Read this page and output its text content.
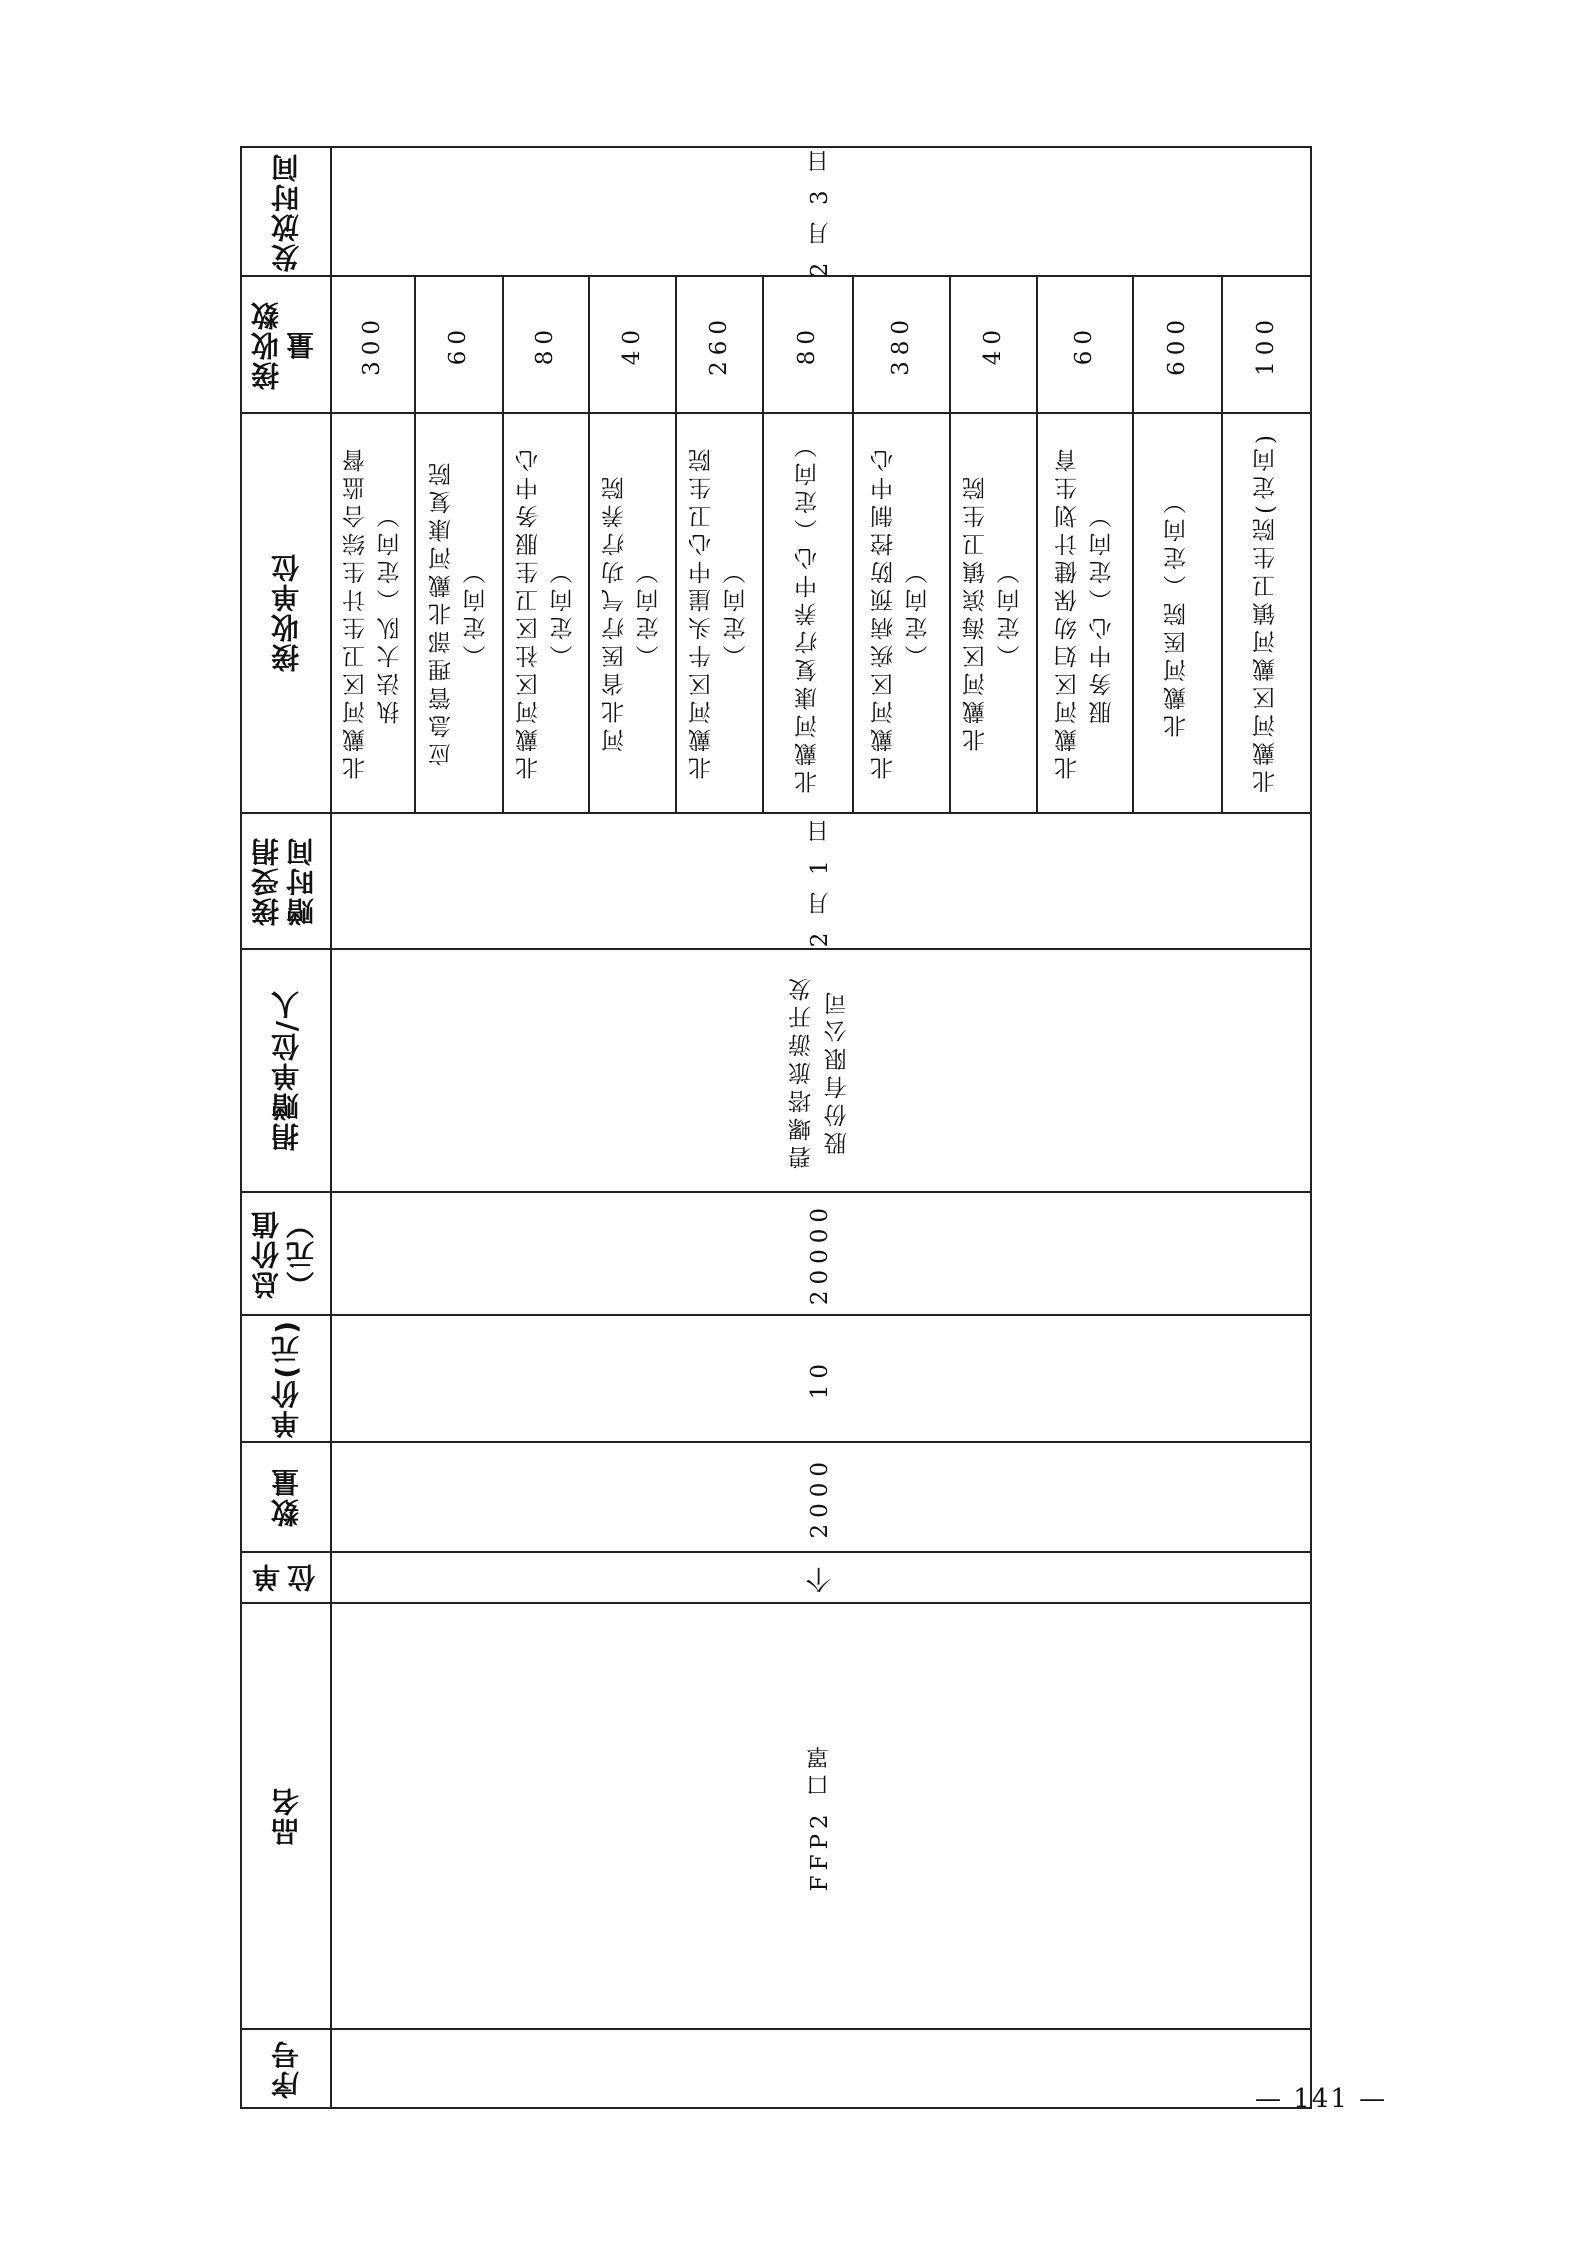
发放时间
接收数量
接收单位
接受捐赠时间
捐赠单位/人
总价值（元）
单价(元)
数量
单位
品名
序号
2 月 3 日
2 月 1 日
碧螺塔旅游开发 股份有限公司
20000
10
2000
个
FFP2 口罩
北戴河区卫生计生综合监督 执法大队（定向）
300
应急管理部北戴河康复院 （定向）
60
北戴河区社区卫生服务中心 （定向）
80
河北省医疗气功疗养院 （定向）
40
北戴河区牛头崖中心卫生院 （定向）
260
北戴河康复疗养中心（定向）
80
北戴河区疾病预防控制中心 （定向）
380
北戴河区海滨镇卫生院 （定向）
40
北戴河区妇幼保健计划生育 服务中心（定向）
60
北戴河医院（定向）
600
北戴河区戴河镇卫生院(定向)
100
— 141 —
